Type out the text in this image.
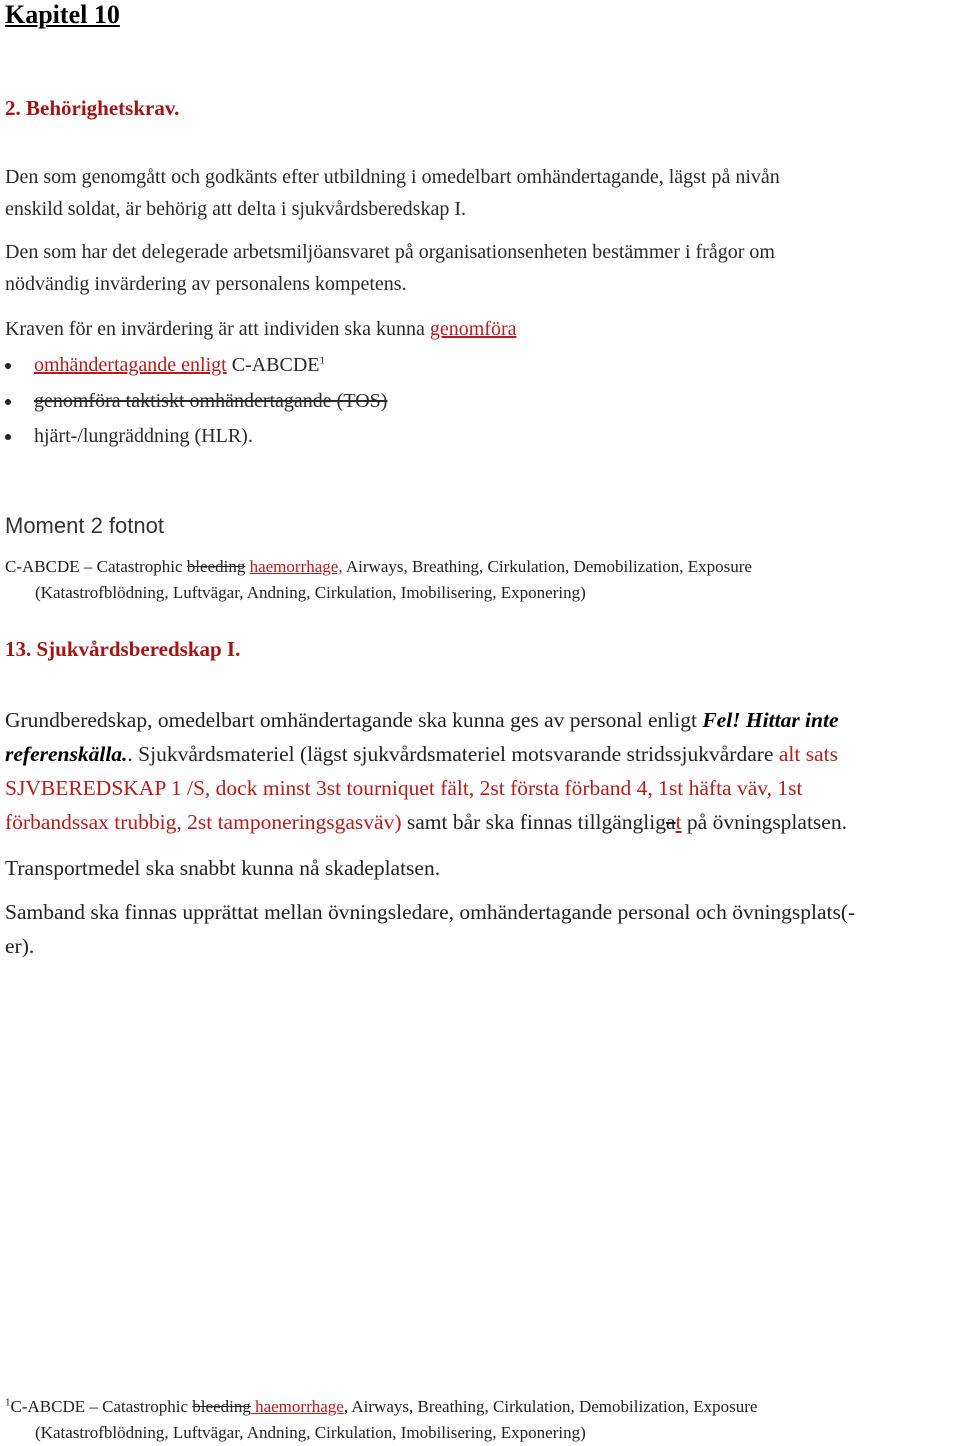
Kapitel 10
2. Behörighetskrav.
Den som genomgått och godkänts efter utbildning i omedelbart omhändertagande, lägst på nivån
enskild soldat, är behörig att delta i sjukvårdsberedskap I.
Den som har det delegerade arbetsmiljöansvaret på organisationsenheten bestämmer i frågor om
nödvändig invärdering av personalens kompetens.
Kraven för en invärdering är att individen ska kunna genomföra
omhändertagande enligt C-ABCDE$^1$
genomföra taktiskt omhändertagande (TOS)
hjärt-/lungräddning (HLR).
Moment 2 fotnot
C-ABCDE – Catastrophic bleeding haemorrhage, Airways, Breathing, Cirkulation, Demobilization, Exposure
(Katastrofblödning, Luftvägar, Andning, Cirkulation, Imobilisering, Exponering)
13. Sjukvårdsberedskap I.
Grundberedskap, omedelbart omhändertagande ska kunna ges av personal enligt Fel! Hittar inte
referenskälla.. Sjukvårdsmateriel (lägst sjukvårdsmateriel motsvarande stridssjukvårdare alt sats
SJVBEREDSKAP 1 /S, dock minst 3st tourniquet fält, 2st första förband 4, 1st häfta väv, 1st
förbandssax trubbig, 2st tamponeringsgasväv) samt bår ska finnas tillgängligat på övningsplatsen.
Transportmedel ska snabbt kunna nå skadeplatsen.
Samband ska finnas upprättat mellan övningsledare, omhändertagande personal och övningsplats(-
er).
$^1$C-ABCDE – Catastrophic bleeding haemorrhage, Airways, Breathing, Cirkulation, Demobilization, Exposure
(Katastrofblödning, Luftvägar, Andning, Cirkulation, Imobilisering, Exponering)
